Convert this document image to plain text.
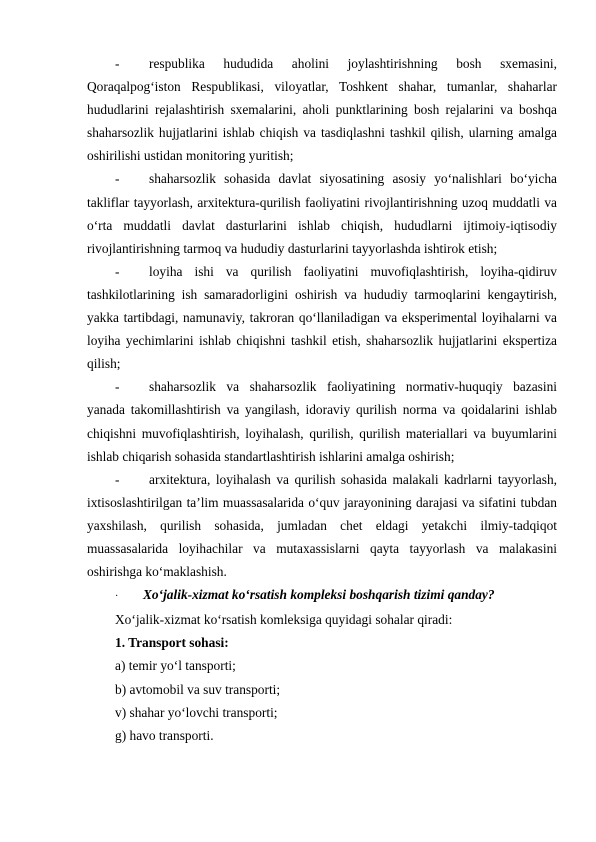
- respublika hududida aholini joylashtirishning bosh sxemasini, Qoraqalpog‘iston Respublikasi, viloyatlar, Toshkent shahar, tumanlar, shaharlar hududlarini rejalashtirish sxemalarini, aholi punktlarining bosh rejalarini va boshqa shaharsozlik hujjatlarini ishlab chiqish va tasdiqlashni tashkil qilish, ularning amalga oshirilishi ustidan monitoring yuritish;

- shaharsozlik sohasida davlat siyosatining asosiy yo‘nalishlari bo‘yicha takliflar tayyorlash, arxitektura-qurilish faoliyatini rivojlantirishning uzoq muddatli va o‘rta muddatli davlat dasturlarini ishlab chiqish, hududlarni ijtimoiy-iqtisodiy rivojlantirishning tarmoq va hududiy dasturlarini tayyorlashda ishtirok etish;

- loyiha ishi va qurilish faoliyatini muvofiqlashtirish, loyiha-qidiruv tashkilotlarining ish samaradorligini oshirish va hududiy tarmoqlarini kengaytirish, yakka tartibdagi, namunaviy, takroran qo‘llaniladigan va eksperimental loyihalarni va loyiha yechimlarini ishlab chiqishni tashkil etish, shaharsozlik hujjatlarini ekspertiza qilish;

- shaharsozlik va shaharsozlik faoliyatining normativ-huquqiy bazasini yanada takomillashtirish va yangilash, idoraviy qurilish norma va qoidalarini ishlab chiqishni muvofiqlashtirish, loyihalash, qurilish, qurilish materiallari va buyumlarini ishlab chiqarish sohasida standartlashtirish ishlarini amalga oshirish;

- arxitektura, loyihalash va qurilish sohasida malakali kadrlarni tayyorlash, ixtisoslashtirilgan ta’lim muassasalarida o‘quv jarayonining darajasi va sifatini tubdan yaxshilash, qurilish sohasida, jumladan chet eldagi yetakchi ilmiy-tadqiqot muassasalarida loyihachilar va mutaxassislarni qayta tayyorlash va malakasini oshirishga ko‘maklashish.

· Xo‘jalik-xizmat ko‘rsatish kompleksi boshqarish tizimi qanday?

Xo‘jalik-xizmat ko‘rsatish komleksiga quyidagi sohalar qiradi:

1. Transport sohasi:

a) temir yo‘l tansporti;

b) avtomobil va suv transporti;

v) shahar yo‘lovchi transporti;

g) havo transporti.
